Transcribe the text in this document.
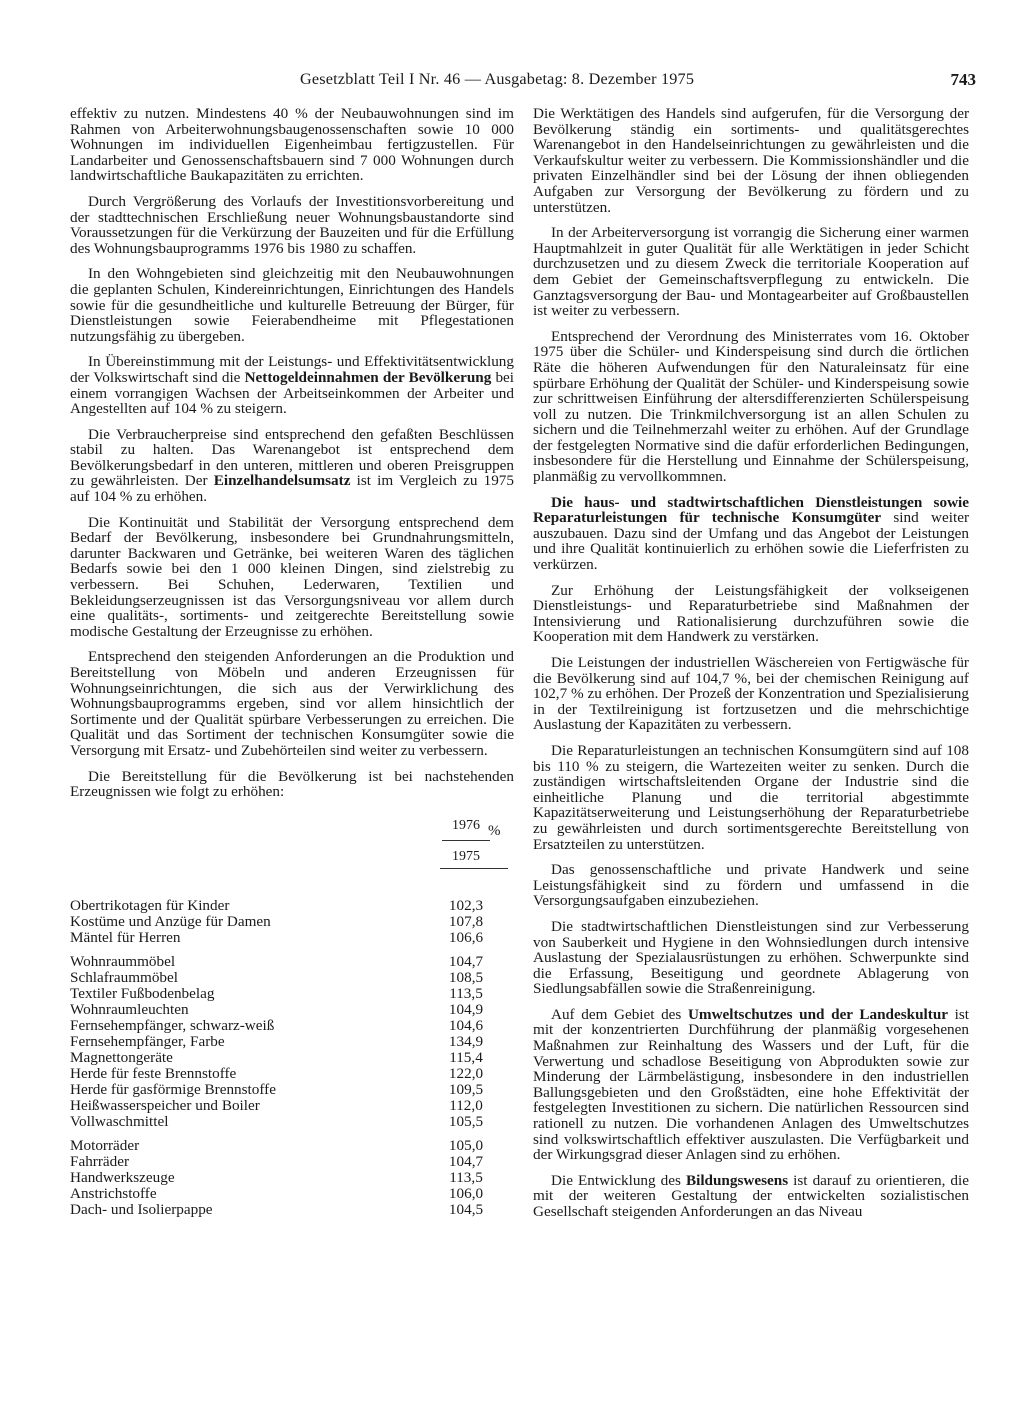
Gesetzblatt Teil I Nr. 46 — Ausgabetag: 8. Dezember 1975	743

effektiv zu nutzen. Mindestens 40 % der Neubauwohnungen sind im Rahmen von Arbeiterwohnungsbaugenossenschaften sowie 10 000 Wohnungen im individuellen Eigenheimbau fertigzustellen. Für Landarbeiter und Genossenschaftsbauern sind 7 000 Wohnungen durch landwirtschaftliche Baukapazitäten zu errichten.

Durch Vergrößerung des Vorlaufs der Investitionsvorbereitung und der stadttechnischen Erschließung neuer Wohnungsbaustandorte sind Voraussetzungen für die Verkürzung der Bauzeiten und für die Erfüllung des Wohnungsbauprogramms 1976 bis 1980 zu schaffen.

In den Wohngebieten sind gleichzeitig mit den Neubauwohnungen die geplanten Schulen, Kindereinrichtungen, Einrichtungen des Handels sowie für die gesundheitliche und kulturelle Betreuung der Bürger, für Dienstleistungen sowie Feierabendheime mit Pflegestationen nutzungsfähig zu übergeben.

In Übereinstimmung mit der Leistungs- und Effektivitätsentwicklung der Volkswirtschaft sind die Nettogeldeinnahmen der Bevölkerung bei einem vorrangigen Wachsen der Arbeitseinkommen der Arbeiter und Angestellten auf 104 % zu steigern.

Die Verbraucherpreise sind entsprechend den gefaßten Beschlüssen stabil zu halten. Das Warenangebot ist entsprechend dem Bevölkerungsbedarf in den unteren, mittleren und oberen Preisgruppen zu gewährleisten. Der Einzelhandelsumsatz ist im Vergleich zu 1975 auf 104 % zu erhöhen.

Die Kontinuität und Stabilität der Versorgung entsprechend dem Bedarf der Bevölkerung, insbesondere bei Grundnahrungsmitteln, darunter Backwaren und Getränke, bei weiteren Waren des täglichen Bedarfs sowie bei den 1 000 kleinen Dingen, sind zielstrebig zu verbessern. Bei Schuhen, Lederwaren, Textilien und Bekleidungserzeugnissen ist das Versorgungsniveau vor allem durch eine qualitäts-, sortiments- und zeitgerechte Bereitstellung sowie modische Gestaltung der Erzeugnisse zu erhöhen.

Entsprechend den steigenden Anforderungen an die Produktion und Bereitstellung von Möbeln und anderen Erzeugnissen für Wohnungseinrichtungen, die sich aus der Verwirklichung des Wohnungsbauprogramms ergeben, sind vor allem hinsichtlich der Sortimente und der Qualität spürbare Verbesserungen zu erreichen. Die Qualität und das Sortiment der technischen Konsumgüter sowie die Versorgung mit Ersatz- und Zubehörteilen sind weiter zu verbessern.

Die Bereitstellung für die Bevölkerung ist bei nachstehenden Erzeugnissen wie folgt zu erhöhen:

$\frac{1976}{1975}$
%
Obertrikotagen für Kinder	102,3
Kostüme und Anzüge für Damen	107,8
Mäntel für Herren	106,6
Wohnraummöbel	104,7
Schlafraummöbel	108,5
Textiler Fußbodenbelag	113,5
Wohnraumleuchten	104,9
Fernsehempfänger, schwarz-weiß	104,6
Fernsehempfänger, Farbe	134,9
Magnettongeräte	115,4
Herde für feste Brennstoffe	122,0
Herde für gasförmige Brennstoffe	109,5
Heißwasserspeicher und Boiler	112,0
Vollwaschmittel	105,5
Motorräder	105,0
Fahrräder	104,7
Handwerkszeuge	113,5
Anstrichstoffe	106,0
Dach- und Isolierpappe	104,5

Die Werktätigen des Handels sind aufgerufen, für die Versorgung der Bevölkerung ständig ein sortiments- und qualitätsgerechtes Warenangebot in den Handelseinrichtungen zu gewährleisten und die Verkaufskultur weiter zu verbessern. Die Kommissionshändler und die privaten Einzelhändler sind bei der Lösung der ihnen obliegenden Aufgaben zur Versorgung der Bevölkerung zu fördern und zu unterstützen.

In der Arbeiterversorgung ist vorrangig die Sicherung einer warmen Hauptmahlzeit in guter Qualität für alle Werktätigen in jeder Schicht durchzusetzen und zu diesem Zweck die territoriale Kooperation auf dem Gebiet der Gemeinschaftsverpflegung zu entwickeln. Die Ganztagsversorgung der Bau- und Montagearbeiter auf Großbaustellen ist weiter zu verbessern.

Entsprechend der Verordnung des Ministerrates vom 16. Oktober 1975 über die Schüler- und Kinderspeisung sind durch die örtlichen Räte die höheren Aufwendungen für den Naturaleinsatz für eine spürbare Erhöhung der Qualität der Schüler- und Kinderspeisung sowie zur schrittweisen Einführung der altersdifferenzierten Schülerspeisung voll zu nutzen. Die Trinkmilchversorgung ist an allen Schulen zu sichern und die Teilnehmerzahl weiter zu erhöhen. Auf der Grundlage der festgelegten Normative sind die dafür erforderlichen Bedingungen, insbesondere für die Herstellung und Einnahme der Schülerspeisung, planmäßig zu vervollkommnen.

Die haus- und stadtwirtschaftlichen Dienstleistungen sowie Reparaturleistungen für technische Konsumgüter sind weiter auszubauen. Dazu sind der Umfang und das Angebot der Leistungen und ihre Qualität kontinuierlich zu erhöhen sowie die Lieferfristen zu verkürzen.

Zur Erhöhung der Leistungsfähigkeit der volkseigenen Dienstleistungs- und Reparaturbetriebe sind Maßnahmen der Intensivierung und Rationalisierung durchzuführen sowie die Kooperation mit dem Handwerk zu verstärken.

Die Leistungen der industriellen Wäschereien von Fertigwäsche für die Bevölkerung sind auf 104,7 %, bei der chemischen Reinigung auf 102,7 % zu erhöhen. Der Prozeß der Konzentration und Spezialisierung in der Textilreinigung ist fortzusetzen und die mehrschichtige Auslastung der Kapazitäten zu verbessern.

Die Reparaturleistungen an technischen Konsumgütern sind auf 108 bis 110 % zu steigern, die Wartezeiten weiter zu senken. Durch die zuständigen wirtschaftsleitenden Organe der Industrie sind die einheitliche Planung und die territorial abgestimmte Kapazitätserweiterung und Leistungserhöhung der Reparaturbetriebe zu gewährleisten und durch sortimentsgerechte Bereitstellung von Ersatzteilen zu unterstützen.

Das genossenschaftliche und private Handwerk und seine Leistungsfähigkeit sind zu fördern und umfassend in die Versorgungsaufgaben einzubeziehen.

Die stadtwirtschaftlichen Dienstleistungen sind zur Verbesserung von Sauberkeit und Hygiene in den Wohnsiedlungen durch intensive Auslastung der Spezialausrüstungen zu erhöhen. Schwerpunkte sind die Erfassung, Beseitigung und geordnete Ablagerung von Siedlungsabfällen sowie die Straßenreinigung.

Auf dem Gebiet des Umweltschutzes und der Landeskultur ist mit der konzentrierten Durchführung der planmäßig vorgesehenen Maßnahmen zur Reinhaltung des Wassers und der Luft, für die Verwertung und schadlose Beseitigung von Abprodukten sowie zur Minderung der Lärmbelästigung, insbesondere in den industriellen Ballungsgebieten und den Großstädten, eine hohe Effektivität der festgelegten Investitionen zu sichern. Die natürlichen Ressourcen sind rationell zu nutzen. Die vorhandenen Anlagen des Umweltschutzes sind volkswirtschaftlich effektiver auszulasten. Die Verfügbarkeit und der Wirkungsgrad dieser Anlagen sind zu erhöhen.

Die Entwicklung des Bildungswesens ist darauf zu orientieren, die mit der weiteren Gestaltung der entwickelten sozialistischen Gesellschaft steigenden Anforderungen an das Niveau
